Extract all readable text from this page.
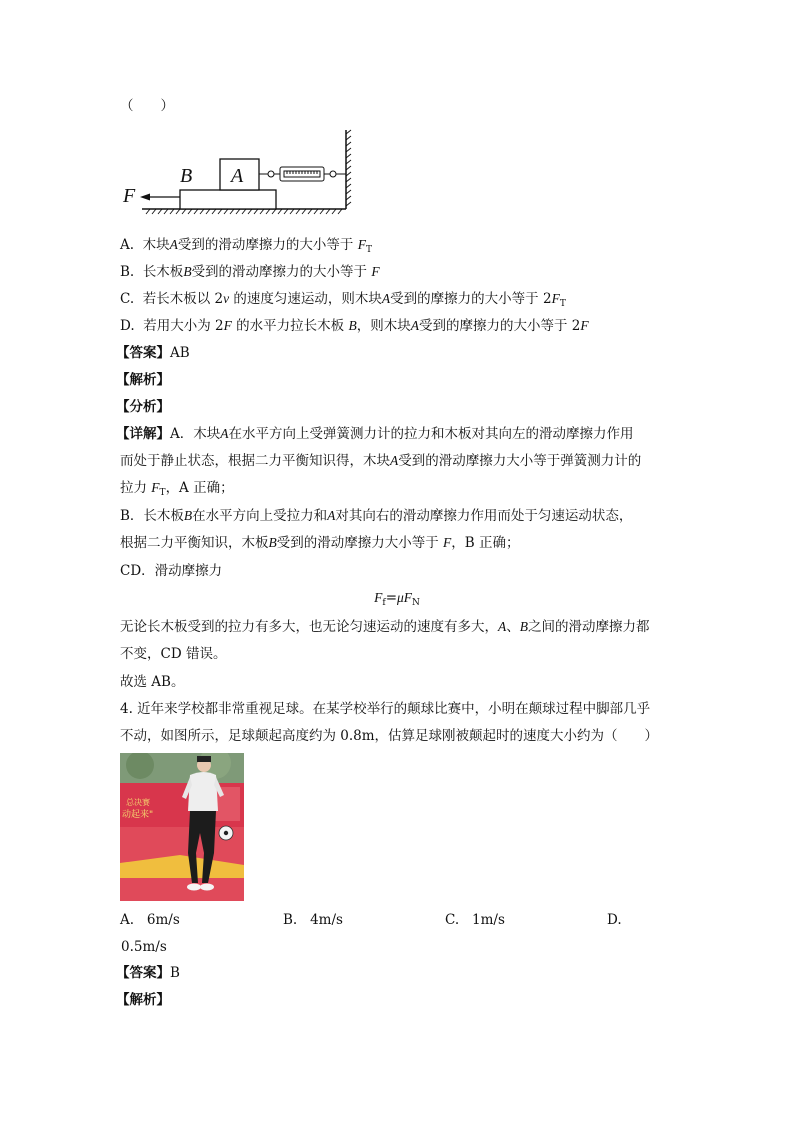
（　　）
B A
F
A. 木块A受到的滑动摩擦力的大小等于 $F_T$
B. 长木板B受到的滑动摩擦力的大小等于 F
C. 若长木板以 2v 的速度匀速运动，则木块A受到的摩擦力的大小等于 $2F_T$
D. 若用大小为 2F 的水平力拉长木板 B，则木块A受到的摩擦力的大小等于 2F
【答案】AB
【解析】
【分析】
【详解】A．木块A在水平方向上受弹簧测力计的拉力和木板对其向左的滑动摩擦力作用
而处于静止状态，根据二力平衡知识得，木块A受到的滑动摩擦力大小等于弹簧测力计的
拉力 $F_T$，A 正确；
B．长木板B在水平方向上受拉力和A对其向右的滑动摩擦力作用而处于匀速运动状态，
根据二力平衡知识，木板B受到的滑动摩擦力大小等于 F，B 正确；
CD．滑动摩擦力
$F_f=\mu F_N$
无论长木板受到的拉力有多大，也无论匀速运动的速度有多大，A、B之间的滑动摩擦力都
不变，CD 错误。
故选 AB。
4. 近年来学校都非常重视足球。在某学校举行的颠球比赛中，小明在颠球过程中脚部几乎
不动，如图所示，足球颠起高度约为 0.8m，估算足球刚被颠起时的速度大小约为（　　）
总决赛
动起来"
A. 6m/s	B. 4m/s	C. 1m/s	D.
0.5m/s
【答案】B
【解析】
